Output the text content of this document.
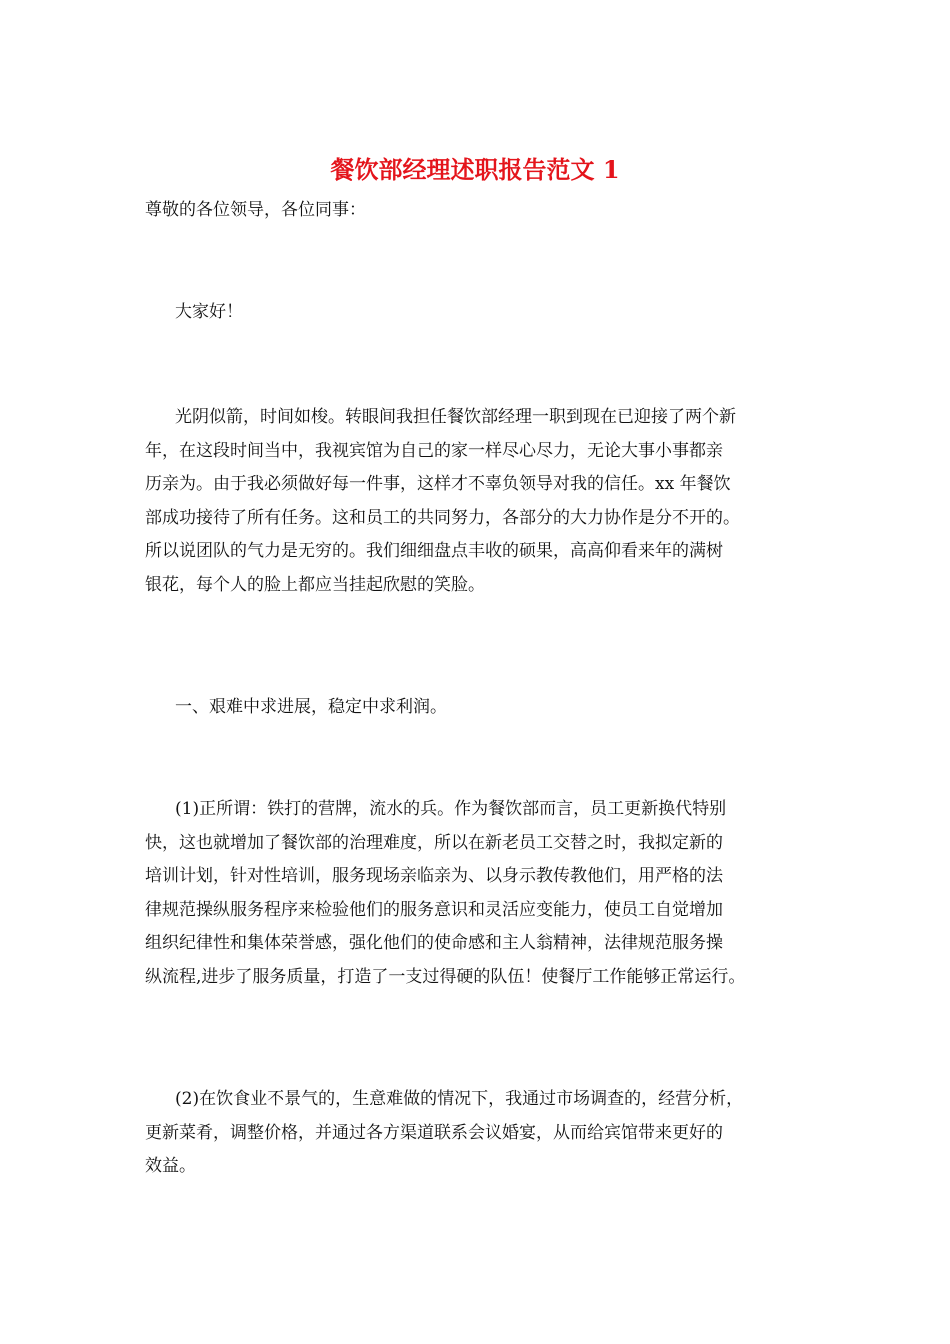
餐饮部经理述职报告范文 1
尊敬的各位领导，各位同事：
大家好！
光阴似箭，时间如梭。转眼间我担任餐饮部经理一职到现在已迎接了两个新
年，在这段时间当中，我视宾馆为自己的家一样尽心尽力，无论大事小事都亲
历亲为。由于我必须做好每一件事，这样才不辜负领导对我的信任。xx 年餐饮
部成功接待了所有任务。这和员工的共同努力，各部分的大力协作是分不开的。
所以说团队的气力是无穷的。我们细细盘点丰收的硕果，高高仰看来年的满树
银花，每个人的脸上都应当挂起欣慰的笑脸。
一、艰难中求进展，稳定中求利润。
(1)正所谓：铁打的营牌，流水的兵。作为餐饮部而言，员工更新换代特别
快，这也就增加了餐饮部的治理难度，所以在新老员工交替之时，我拟定新的
培训计划，针对性培训，服务现场亲临亲为、以身示教传教他们，用严格的法
律规范操纵服务程序来检验他们的服务意识和灵活应变能力，使员工自觉增加
组织纪律性和集体荣誉感，强化他们的使命感和主人翁精神，法律规范服务操
纵流程,进步了服务质量，打造了一支过得硬的队伍！使餐厅工作能够正常运行。
(2)在饮食业不景气的，生意难做的情况下，我通过市场调查的，经营分析，
更新菜肴，调整价格，并通过各方渠道联系会议婚宴，从而给宾馆带来更好的
效益。
